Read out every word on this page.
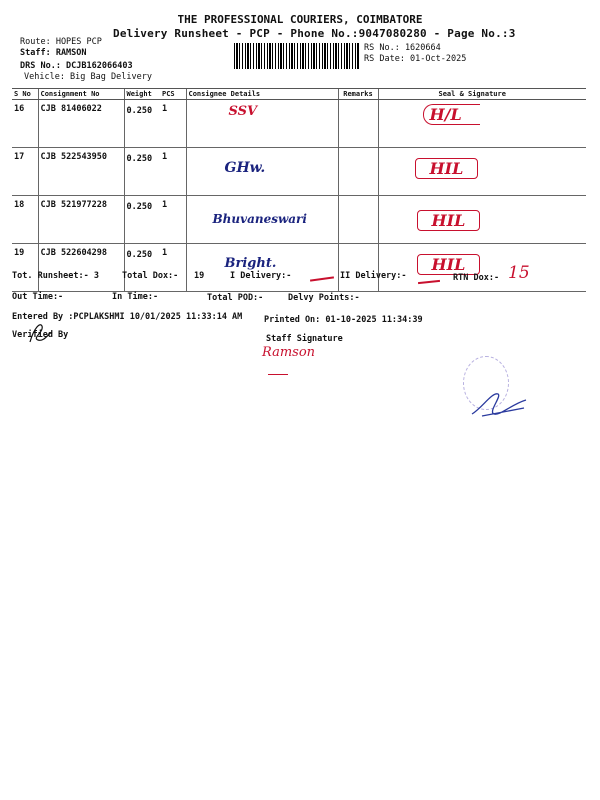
THE PROFESSIONAL COURIERS, COIMBATORE
Delivery Runsheet - PCP - Phone No.:9047080280 - Page No.:3
Route: HOPES PCP
Staff: RAMSON
DRS No.: DCJB162066403
Vehicle: Big Bag Delivery
RS No.: 1620664
RS Date: 01-Oct-2025
S No	Consignment No	Weight	PCS	Consignee Details	Remarks	Seal & Signature
16	CJB 81406022	0.250	1	SSV		H/L
17	CJB 522543950	0.250	1	GHw.		HIL
18	CJB 521977228	0.250	1	Bhuvaneswari		HIL
19	CJB 522604298	0.250	1	Bright.		HIL
Tot. Runsheet:- 3	Total Dox:- 19	I Delivery:-	II Delivery:-	RTN Dox:- 15
Out Time:-	In Time:-	Total POD:-	Delvy Points:-
Entered By :PCPLAKSHMI 10/01/2025 11:33:14 AM	Printed On: 01-10-2025 11:34:39
Verified By	Staff Signature
Ramson
